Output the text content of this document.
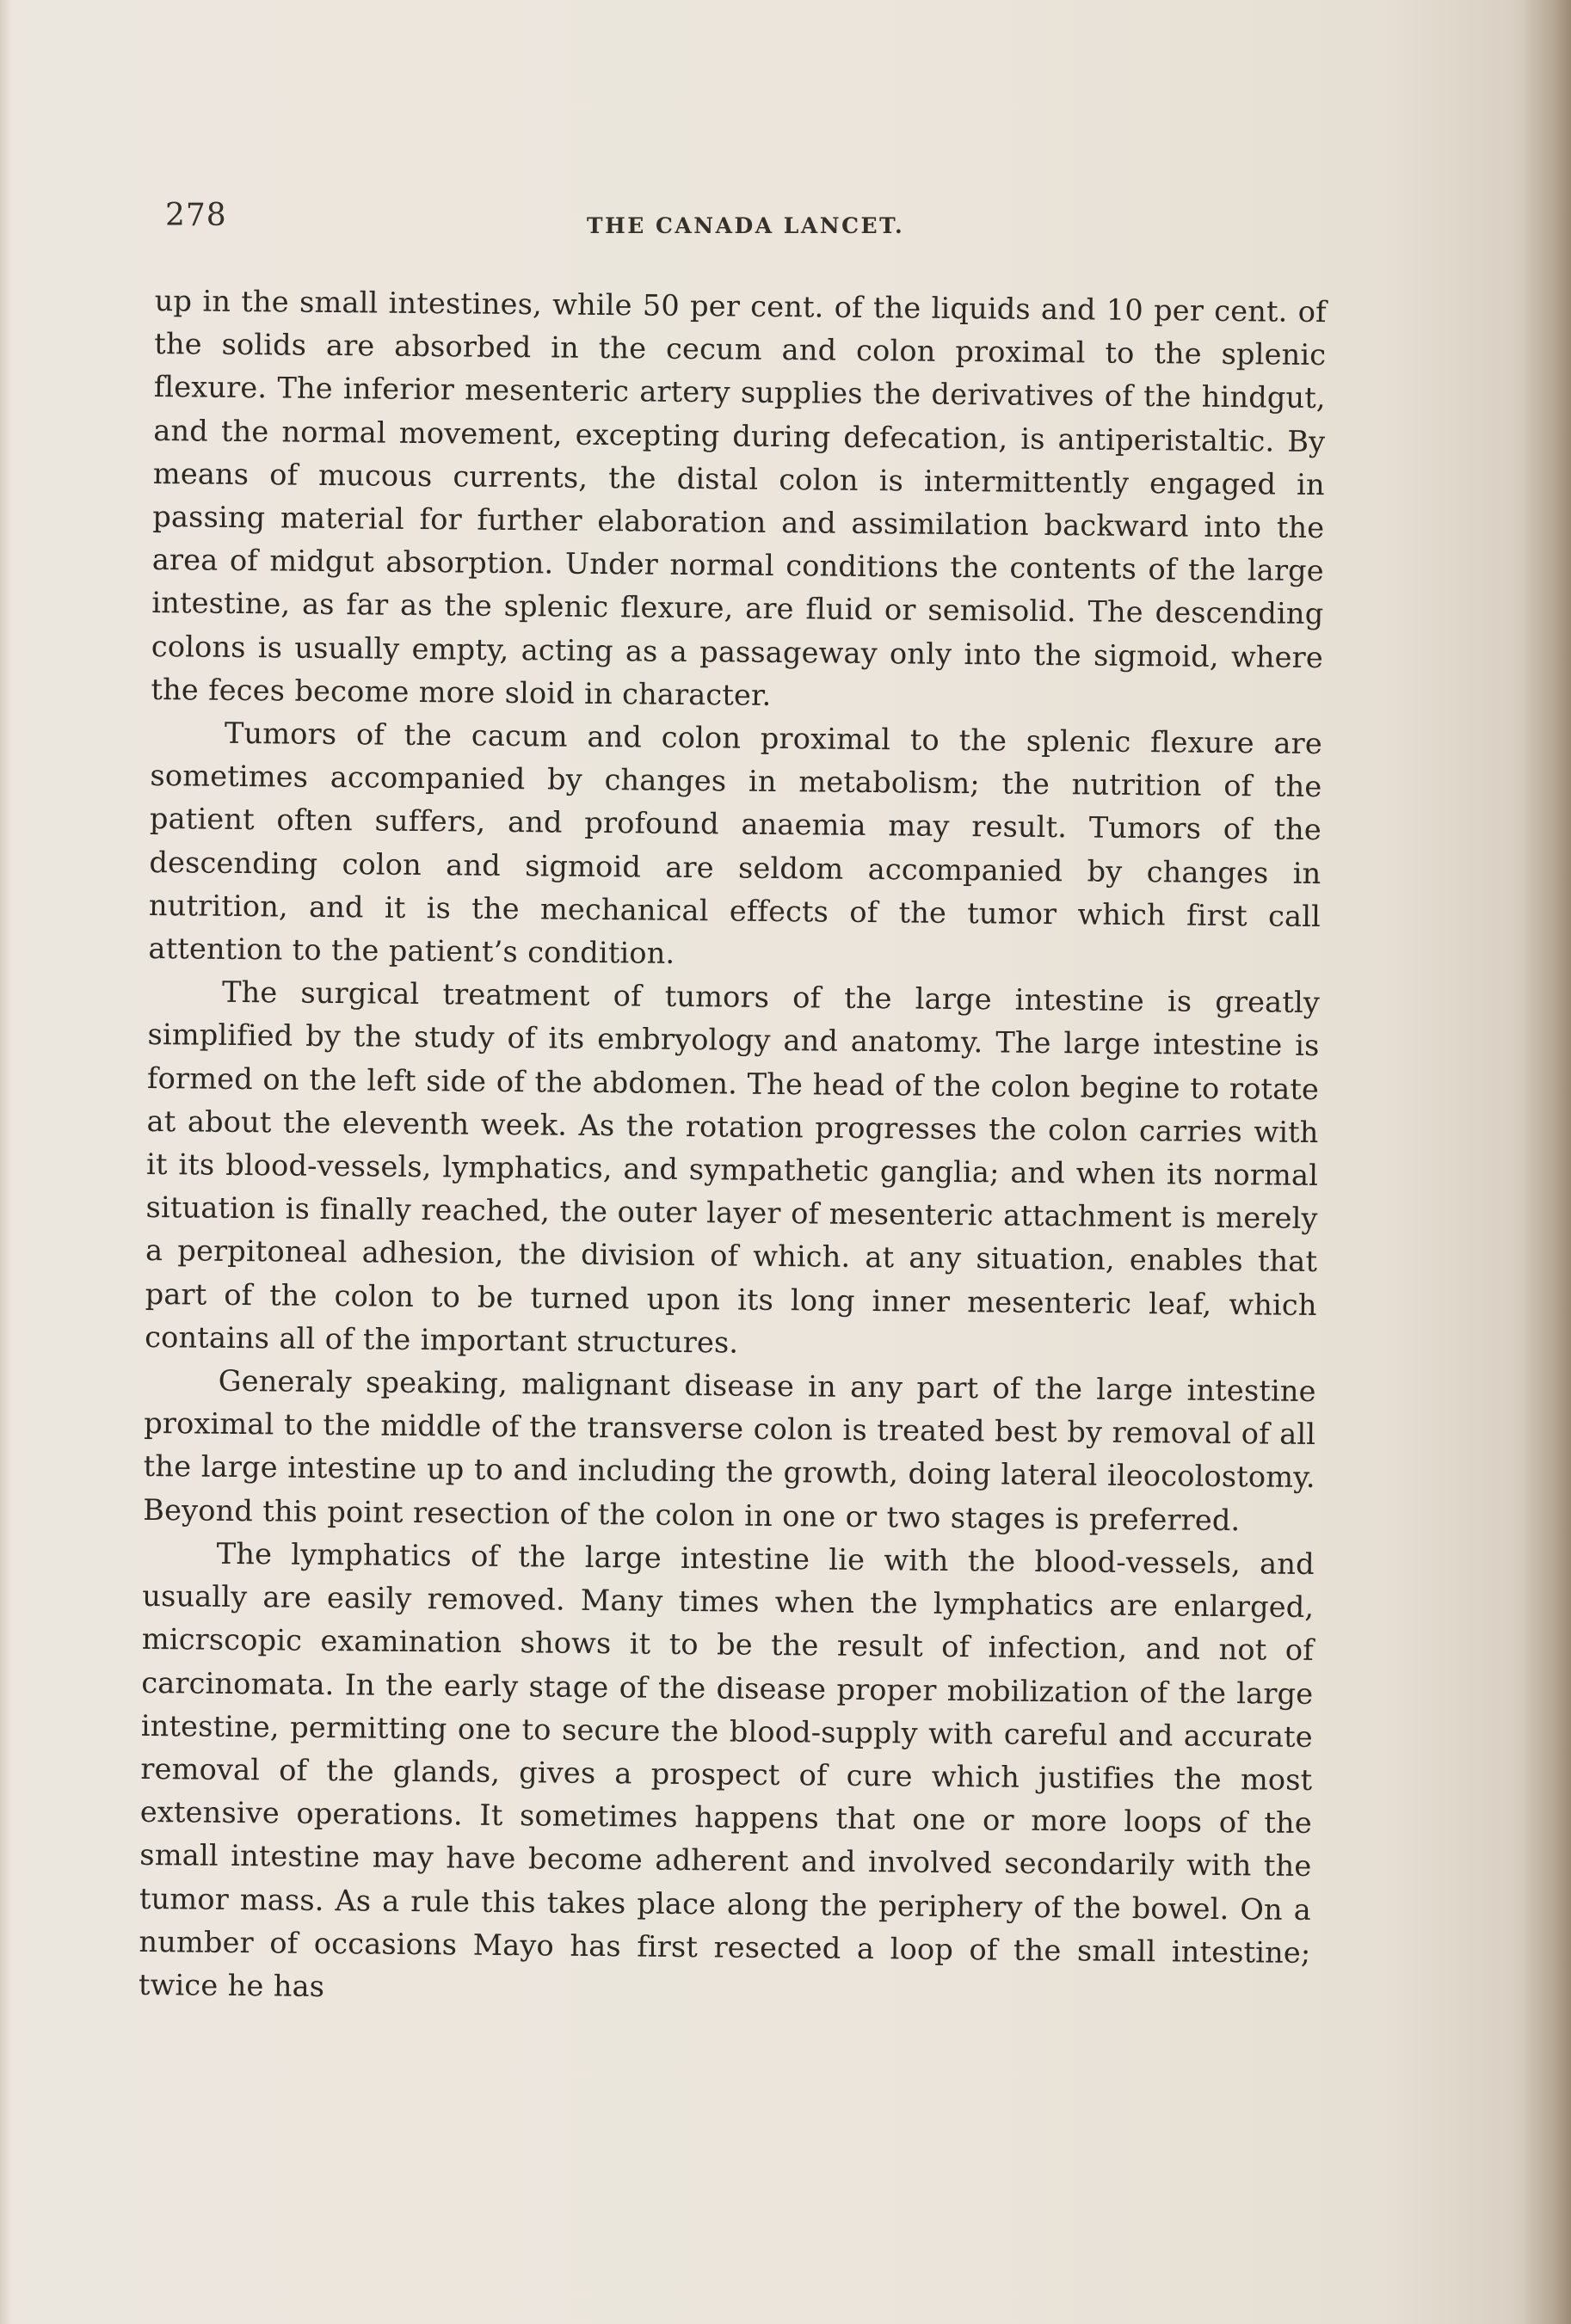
278	THE CANADA LANCET.

up in the small intestines, while 50 per cent. of the liquids and 10 per cent. of the solids are absorbed in the cecum and colon proximal to the splenic flexure. The inferior mesenteric artery supplies the derivatives of the hindgut, and the normal movement, excepting during defecation, is antiperistaltic. By means of mucous currents, the distal colon is intermittently engaged in passing material for further elaboration and assimilation backward into the area of midgut absorption. Under normal conditions the contents of the large intestine, as far as the splenic flexure, are fluid or semisolid. The descending colons is usually empty, acting as a passageway only into the sigmoid, where the feces become more sloid in character.

Tumors of the cacum and colon proximal to the splenic flexure are sometimes accompanied by changes in metabolism; the nutrition of the patient often suffers, and profound anaemia may result. Tumors of the descending colon and sigmoid are seldom accompanied by changes in nutrition, and it is the mechanical effects of the tumor which first call attention to the patient’s condition.

The surgical treatment of tumors of the large intestine is greatly simplified by the study of its embryology and anatomy. The large intestine is formed on the left side of the abdomen. The head of the colon begine to rotate at about the eleventh week. As the rotation progresses the colon carries with it its blood-vessels, lymphatics, and sympathetic ganglia; and when its normal situation is finally reached, the outer layer of mesenteric attachment is merely a perpitoneal adhesion, the division of which. at any situation, enables that part of the colon to be turned upon its long inner mesenteric leaf, which contains all of the important structures.

Generaly speaking, malignant disease in any part of the large intestine proximal to the middle of the transverse colon is treated best by removal of all the large intestine up to and including the growth, doing lateral ileocolostomy. Beyond this point resection of the colon in one or two stages is preferred.

The lymphatics of the large intestine lie with the blood-vessels, and usually are easily removed. Many times when the lymphatics are enlarged, micrscopic examination shows it to be the result of infection, and not of carcinomata. In the early stage of the disease proper mobilization of the large intestine, permitting one to secure the blood-supply with careful and accurate removal of the glands, gives a prospect of cure which justifies the most extensive operations. It sometimes happens that one or more loops of the small intestine may have become adherent and involved secondarily with the tumor mass. As a rule this takes place along the periphery of the bowel. On a number of occasions Mayo has first resected a loop of the small intestine; twice he has
